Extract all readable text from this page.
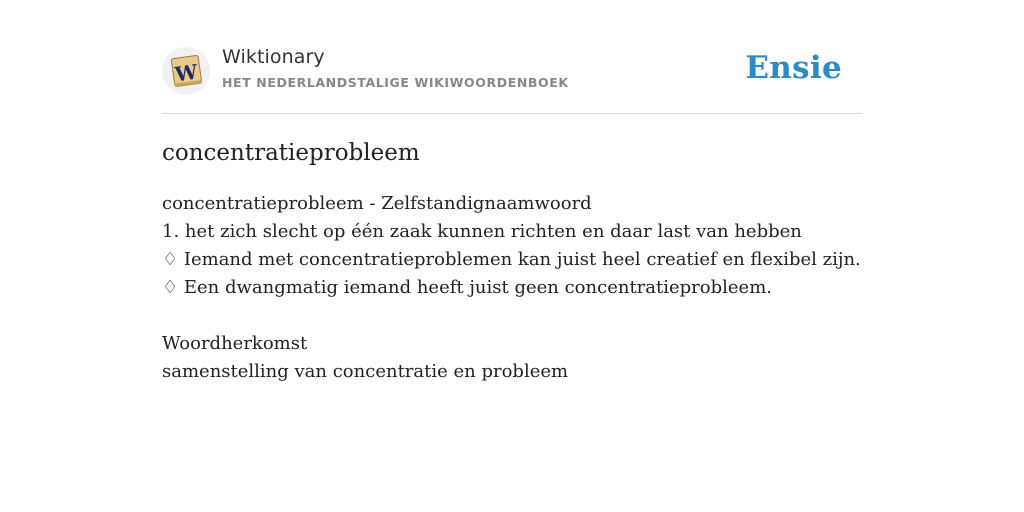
W
Wiktionary
HET NEDERLANDSTALIGE WIKIWOORDENBOEK	Ensie
concentratieprobleem
concentratieprobleem - Zelfstandignaamwoord
1. het zich slecht op één zaak kunnen richten en daar last van hebben
♢ Iemand met concentratieproblemen kan juist heel creatief en flexibel zijn.
♢ Een dwangmatig iemand heeft juist geen concentratieprobleem.
Woordherkomst
samenstelling van concentratie en probleem
